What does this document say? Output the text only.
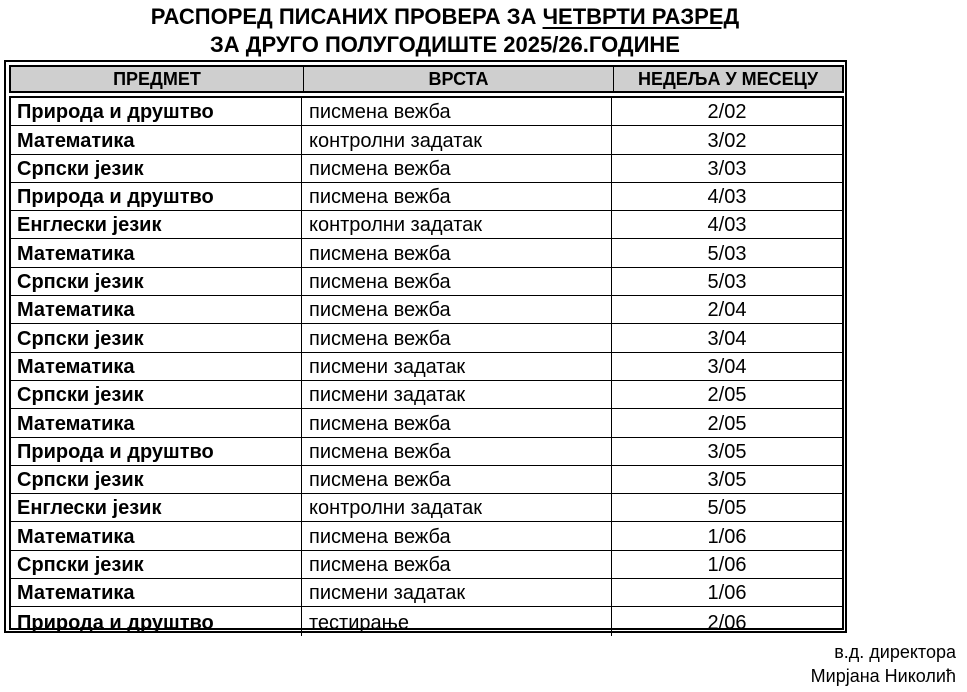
РАСПОРЕД ПИСАНИХ ПРОВЕРА ЗА ЧЕТВРТИ РАЗРЕД
ЗА ДРУГО ПОЛУГОДИШТЕ 2025/26.ГОДИНЕ
ПРЕДМЕТ	ВРСТА	НЕДЕЉА У МЕСЕЦУ
Природа и друштво	писмена вежба	2/02
Математика	контролни задатак	3/02
Српски језик	писмена вежба	3/03
Природа и друштво	писмена вежба	4/03
Енглески језик	контролни задатак	4/03
Математика	писмена вежба	5/03
Српски језик	писмена вежба	5/03
Математика	писмена вежба	2/04
Српски језик	писмена вежба	3/04
Математика	писмени задатак	3/04
Српски језик	писмени задатак	2/05
Математика	писмена вежба	2/05
Природа и друштво	писмена вежба	3/05
Српски језик	писмена вежба	3/05
Енглески језик	контролни задатак	5/05
Математика	писмена вежба	1/06
Српски језик	писмена вежба	1/06
Математика	писмени задатак	1/06
Природа и друштво	тестирање	2/06
в.д. директора
Мирјана Николић
